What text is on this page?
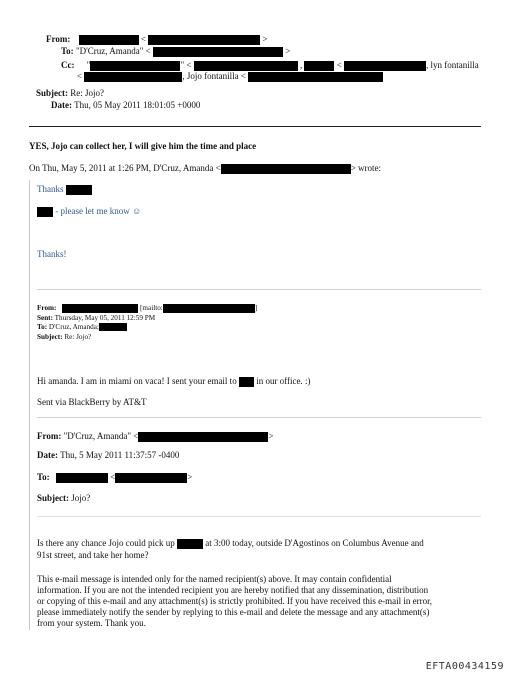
From:	<	>
To: "D'Cruz, Amanda" <	>
Cc: "	" <	,	<	, lyn fontanilla
<	, Jojo fontanilla <
Subject: Re: Jojo?
Date: Thu, 05 May 2011 18:01:05 +0000
YES, Jojo can collect her, I will give him the time and place
On Thu, May 5, 2011 at 1:26 PM, D'Cruz, Amanda <	> wrote:
Thanks
- please let me know ☺
Thanks!
From:	[mailto:	]
Sent: Thursday, May 05, 2011 12:59 PM
To: D'Cruz, Amanda;
Subject: Re: Jojo?
Hi amanda. I am in miami on vaca! I sent your email to in our office. :)
Sent via BlackBerry by AT&T
From: "D'Cruz, Amanda" <	>
Date: Thu, 5 May 2011 11:37:57 -0400
To:	<	>
Subject: Jojo?
Is there any chance Jojo could pick up	at 3:00 today, outside D'Agostinos on Columbus Avenue and
91st street, and take her home?
This e-mail message is intended only for the named recipient(s) above. It may contain confidential
information. If you are not the intended recipient you are hereby notified that any dissemination, distribution
or copying of this e-mail and any attachment(s) is strictly prohibited. If you have received this e-mail in error,
please immediately notify the sender by replying to this e-mail and delete the message and any attachment(s)
from your system. Thank you.
EFTA00434159
